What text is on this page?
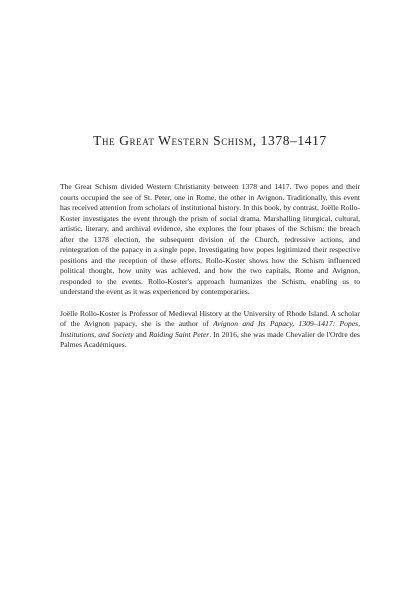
The Great Western Schism, 1378–1417

The Great Schism divided Western Christianity between 1378 and 1417. Two popes and their courts occupied the see of St. Peter, one in Rome, the other in Avignon. Traditionally, this event has received attention from scholars of institutional history. In this book, by contrast, Joëlle Rollo-Koster investigates the event through the prism of social drama. Marshalling liturgical, cultural, artistic, literary, and archival evidence, she explores the four phases of the Schism: the breach after the 1378 election, the subsequent division of the Church, redressive actions, and reintegration of the papacy in a single pope. Investigating how popes legitimized their respective positions and the reception of these efforts, Rollo-Koster shows how the Schism influenced political thought, how unity was achieved, and how the two capitals, Rome and Avignon, responded to the events. Rollo-Koster's approach humanizes the Schism, enabling us to understand the event as it was experienced by contemporaries.

Joëlle Rollo-Koster is Professor of Medieval History at the University of Rhode Island. A scholar of the Avignon papacy, she is the author of Avignon and Its Papacy, 1309–1417: Popes, Institutions, and Society and Raiding Saint Peter. In 2016, she was made Chevalier de l'Ordre des Palmes Académiques.
